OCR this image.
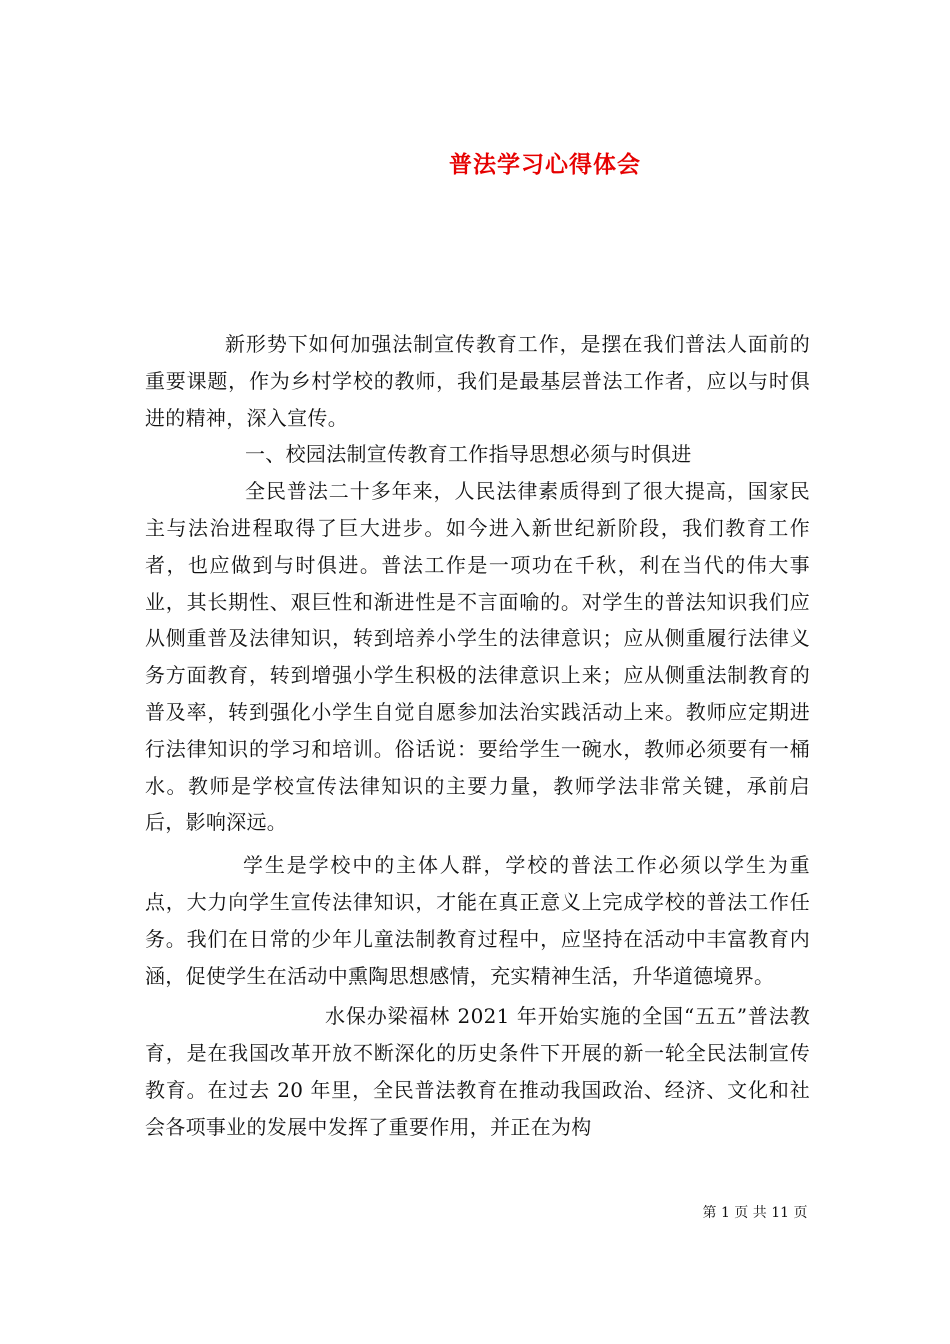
普法学习心得体会

新形势下如何加强法制宣传教育工作，是摆在我们普法人面前的重要课题，作为乡村学校的教师，我们是最基层普法工作者，应以与时俱进的精神，深入宣传。

一、校园法制宣传教育工作指导思想必须与时俱进

全民普法二十多年来，人民法律素质得到了很大提高，国家民主与法治进程取得了巨大进步。如今进入新世纪新阶段，我们教育工作者，也应做到与时俱进。普法工作是一项功在千秋，利在当代的伟大事业，其长期性、艰巨性和渐进性是不言面喻的。对学生的普法知识我们应从侧重普及法律知识，转到培养小学生的法律意识；应从侧重履行法律义务方面教育，转到增强小学生积极的法律意识上来；应从侧重法制教育的普及率，转到强化小学生自觉自愿参加法治实践活动上来。教师应定期进行法律知识的学习和培训。俗话说：要给学生一碗水，教师必须要有一桶水。教师是学校宣传法律知识的主要力量，教师学法非常关键，承前启后，影响深远。

学生是学校中的主体人群，学校的普法工作必须以学生为重点，大力向学生宣传法律知识，才能在真正意义上完成学校的普法工作任务。我们在日常的少年儿童法制教育过程中，应坚持在活动中丰富教育内涵，促使学生在活动中熏陶思想感情，充实精神生活，升华道德境界。

水保办梁福林 2021 年开始实施的全国“五五”普法教育，是在我国改革开放不断深化的历史条件下开展的新一轮全民法制宣传教育。在过去 20 年里，全民普法教育在推动我国政治、经济、文化和社会各项事业的发展中发挥了重要作用，并正在为构

第 1 页 共 11 页
